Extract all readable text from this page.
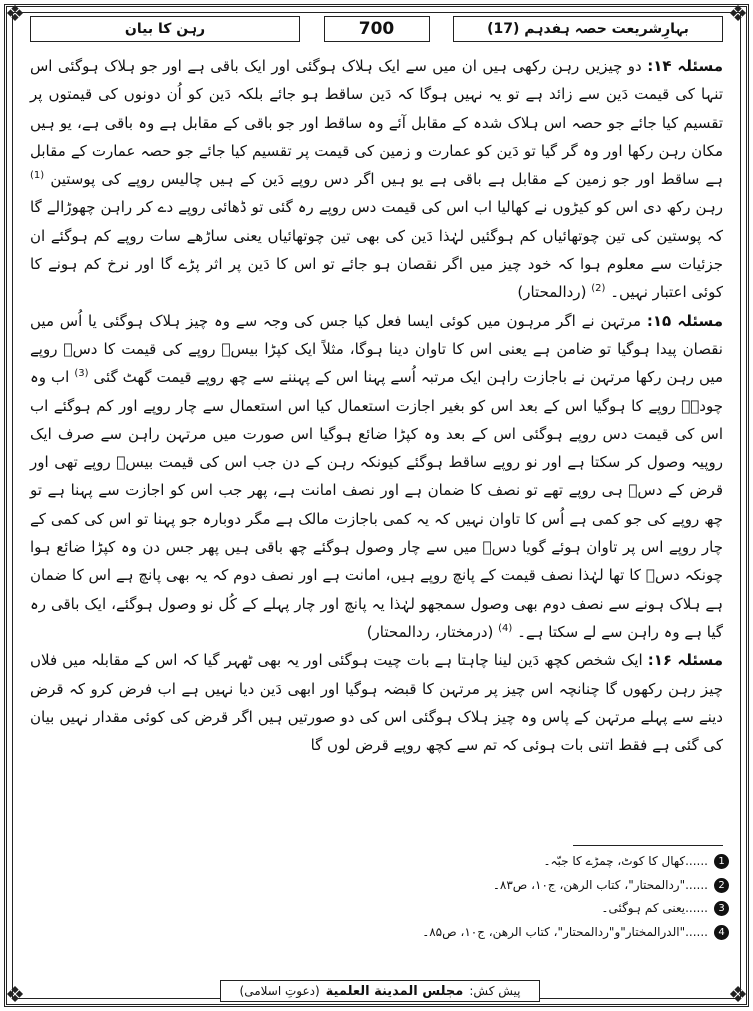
❖	❖
❖	❖
بہارِشریعت حصہ ہفدہم (17)
700
رہن کا بیان

مسئلہ ۱۴: دو چیزیں رہن رکھی ہیں ان میں سے ایک ہلاک ہوگئی اور ایک باقی ہے اور جو ہلاک ہوگئی اس تنہا کی قیمت دَین سے زائد ہے تو یہ نہیں ہوگا کہ دَین ساقط ہو جائے بلکہ دَین کو اُن دونوں کی قیمتوں پر تقسیم کیا جائے جو حصہ اس ہلاک شدہ کے مقابل آئے وہ ساقط اور جو باقی کے مقابل ہے وہ باقی ہے، یو ہیں مکان رہن رکھا اور وہ گر گیا تو دَین کو عمارت و زمین کی قیمت پر تقسیم کیا جائے جو حصہ عمارت کے مقابل ہے ساقط اور جو زمین کے مقابل ہے باقی ہے یو ہیں اگر دس روپے دَین کے ہیں چالیس روپے کی پوستین $^{(1)}$ رہن رکھ دی اس کو کیڑوں نے کھالیا اب اس کی قیمت دس روپے رہ گئی تو ڈھائی روپے دے کر راہن چھوڑالے گا کہ پوستین کی تین چوتھائیاں کم ہوگئیں لہٰذا دَین کی بھی تین چوتھائیاں یعنی ساڑھے سات روپے کم ہوگئے ان جزئیات سے معلوم ہوا کہ خود چیز میں اگر نقصان ہو جائے تو اس کا دَین پر اثر پڑے گا اور نرخ کم ہونے کا کوئی اعتبار نہیں۔ $^{(2)}$ (ردالمحتار)

مسئلہ ۱۵: مرتہن نے اگر مرہون میں کوئی ایسا فعل کیا جس کی وجہ سے وہ چیز ہلاک ہوگئی یا اُس میں نقصان پیدا ہوگیا تو ضامن ہے یعنی اس کا تاوان دینا ہوگا، مثلاً ایک کپڑا بیسؔ روپے کی قیمت کا دسؔ روپے میں رہن رکھا مرتہن نے باجازت راہن ایک مرتبہ اُسے پہنا اس کے پہننے سے چھ روپے قیمت گھٹ گئی $^{(3)}$ اب وہ چودہؔ روپے کا ہوگیا اس کے بعد اس کو بغیر اجازت استعمال کیا اس استعمال سے چار روپے اور کم ہوگئے اب اس کی قیمت دس روپے ہوگئی اس کے بعد وہ کپڑا ضائع ہوگیا اس صورت میں مرتہن راہن سے صرف ایک روپیہ وصول کر سکتا ہے اور نو روپے ساقط ہوگئے کیونکہ رہن کے دن جب اس کی قیمت بیسؔ روپے تھی اور قرض کے دسؔ ہی روپے تھے تو نصف کا ضمان ہے اور نصف امانت ہے، پھر جب اس کو اجازت سے پہنا ہے تو چھ روپے کی جو کمی ہے اُس کا تاوان نہیں کہ یہ کمی باجازت مالک ہے مگر دوبارہ جو پہنا تو اس کی کمی کے چار روپے اس پر تاوان ہوئے گویا دسؔ میں سے چار وصول ہوگئے چھ باقی ہیں پھر جس دن وہ کپڑا ضائع ہوا چونکہ دسؔ کا تھا لہٰذا نصف قیمت کے پانچ روپے ہیں، امانت ہے اور نصف دوم کہ یہ بھی پانچ ہے اس کا ضمان ہے ہلاک ہونے سے نصف دوم بھی وصول سمجھو لہٰذا یہ پانچ اور چار پہلے کے کُل نو وصول ہوگئے، ایک باقی رہ گیا ہے وہ راہن سے لے سکتا ہے۔ $^{(4)}$ (درمختار، ردالمحتار)

مسئلہ ۱۶: ایک شخص کچھ دَین لینا چاہتا ہے بات چیت ہوگئی اور یہ بھی ٹھہر گیا کہ اس کے مقابلہ میں فلاں چیز رہن رکھوں گا چنانچہ اس چیز پر مرتہن کا قبضہ ہوگیا اور ابھی دَین دیا نہیں ہے اب فرض کرو کہ قرض دینے سے پہلے مرتہن کے پاس وہ چیز ہلاک ہوگئی اس کی دو صورتیں ہیں اگر قرض کی کوئی مقدار نہیں بیان کی گئی ہے فقط اتنی بات ہوئی کہ تم سے کچھ روپے قرض لوں گا

1
......کھال کا کوٹ، چمڑے کا جبّہ۔
2
......"ردالمحتار"، کتاب الرھن، ج۱۰، ص۸۳۔
3
......یعنی کم ہوگئی۔
4
......"الدرالمختار"و"ردالمحتار"، کتاب الرھن، ج۱۰، ص۸۵۔
پیش کش:
مجلس المدينة العلمية
(دعوتِ اسلامی)
